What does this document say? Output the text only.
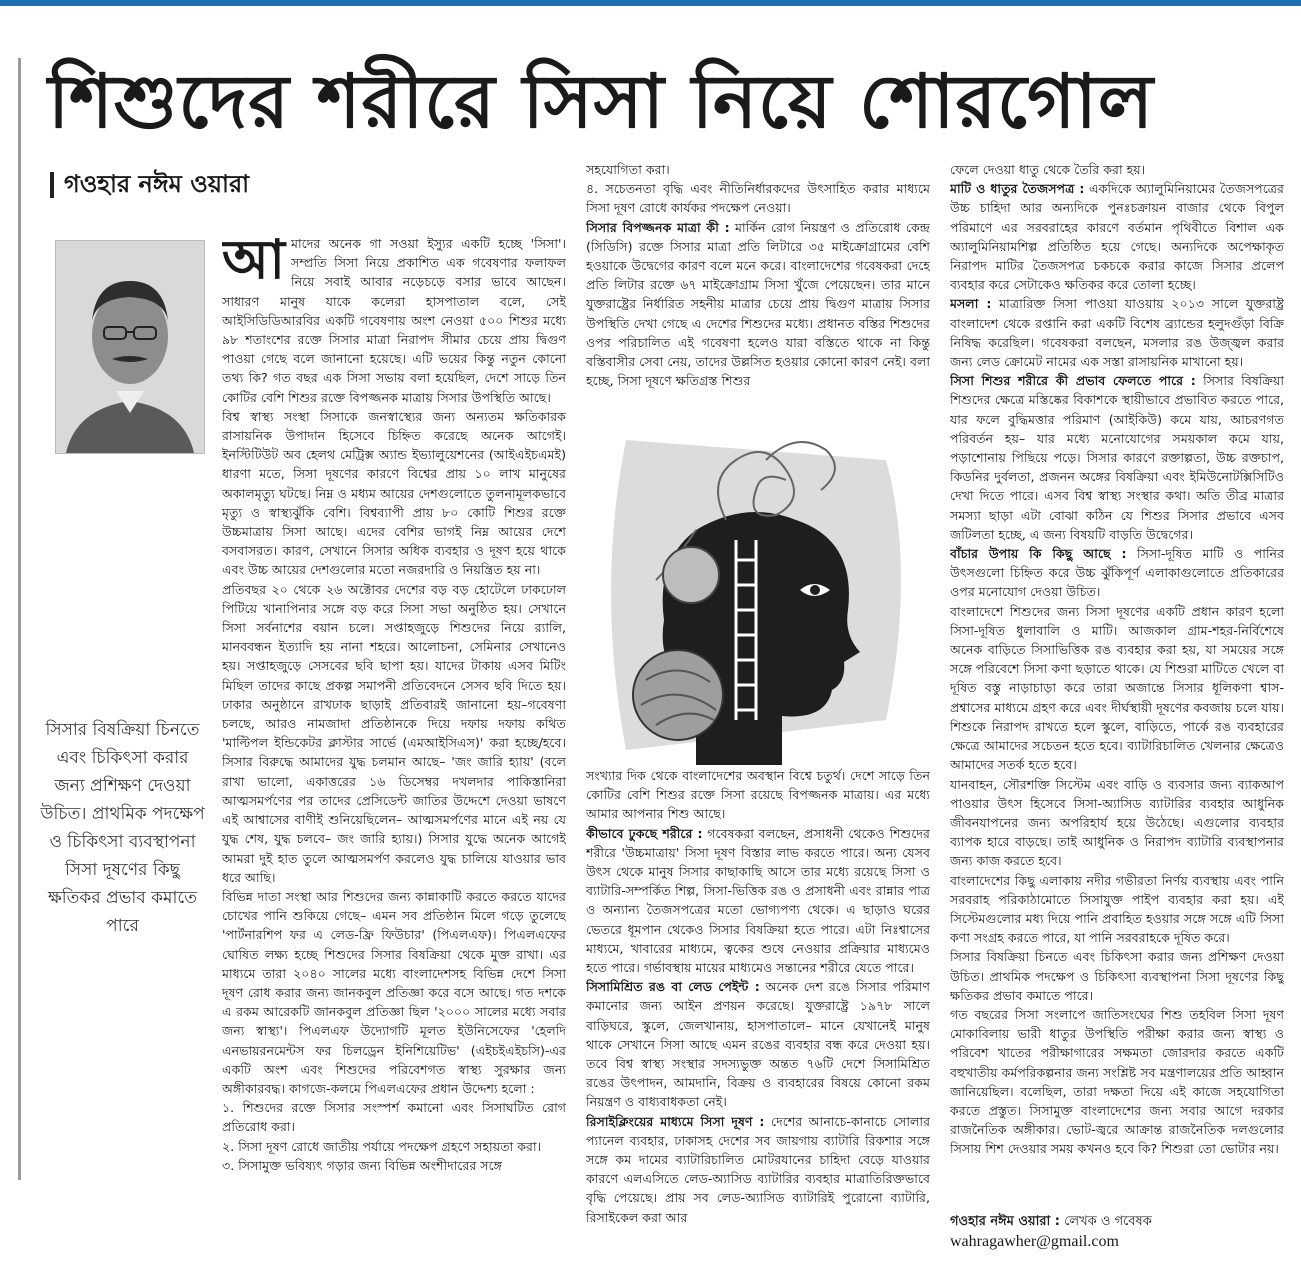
শিশুদের শরীরে সিসা নিয়ে শোরগোল
গওহার নঈম ওয়ারা
সিসার বিষক্রিয়া চিনতে এবং চিকিৎসা করার জন্য প্রশিক্ষণ দেওয়া উচিত। প্রাথমিক পদক্ষেপ ও চিকিৎসা ব্যবস্থাপনা সিসা দূষণের কিছু ক্ষতিকর প্রভাব কমাতে পারে

আমাদের অনেক গা সওয়া ইস্যুর একটি হচ্ছে 'সিসা'। সম্প্রতি সিসা নিয়ে প্রকাশিত এক গবেষণার ফলাফল নিয়ে সবাই আবার নড়েচড়ে বসার ভাবে আছেন। সাধারণ মানুষ যাকে কলেরা হাসপাতাল বলে, সেই আইসিডিডিআরবির একটি গবেষণায় অংশ নেওয়া ৫০০ শিশুর মধ্যে ৯৮ শতাংশের রক্তে সিসার মাত্রা নিরাপদ সীমার চেয়ে প্রায় দ্বিগুণ পাওয়া গেছে বলে জানানো হয়েছে। এটি ভয়ের কিন্তু নতুন কোনো তথ্য কি? গত বছর এক সিসা সভায় বলা হয়েছিল, দেশে সাড়ে তিন কোটির বেশি শিশুর রক্তে বিপজ্জনক মাত্রায় সিসার উপস্থিতি আছে।

বিশ্ব স্বাস্থ্য সংস্থা সিসাকে জনস্বাস্থ্যের জন্য অন্যতম ক্ষতিকারক রাসায়নিক উপাদান হিসেবে চিহ্নিত করেছে অনেক আগেই। ইনস্টিটিউট অব হেলথ মেট্রিক্স অ্যান্ড ইভ্যালুয়েশনের (আইএইচএমই) ধারণা মতে, সিসা দূষণের কারণে বিশ্বের প্রায় ১০ লাখ মানুষের অকালমৃত্যু ঘটছে। নিম্ন ও মধ্যম আয়ের দেশগুলোতে তুলনামূলকভাবে মৃত্যু ও স্বাস্থ্যঝুঁকি বেশি। বিশ্বব্যাপী প্রায় ৮০ কোটি শিশুর রক্তে উচ্চমাত্রায় সিসা আছে। এদের বেশির ভাগই নিম্ন আয়ের দেশে বসবাসরত। কারণ, সেখানে সিসার অধিক ব্যবহার ও দূষণ হয়ে থাকে এবং উচ্চ আয়ের দেশগুলোর মতো নজরদারি ও নিয়ন্ত্রিত হয় না।

প্রতিবছর ২০ থেকে ২৬ অক্টোবর দেশের বড় বড় হোটেলে ঢাকঢোল পিটিয়ে খানাপিনার সঙ্গে বড় করে সিসা সভা অনুষ্ঠিত হয়। সেখানে সিসা সর্বনাশের বয়ান চলে। সপ্তাহজুড়ে শিশুদের নিয়ে র‍্যালি, মানববন্ধন ইত্যাদি হয় নানা শহরে। আলোচনা, সেমিনার সেখানেও হয়। সপ্তাহজুড়ে সেসবের ছবি ছাপা হয়। যাদের টাকায় এসব মিটিং মিছিল তাদের কাছে প্রকল্প সমাপনী প্রতিবেদনে সেসব ছবি দিতে হয়। ঢাকার অনুষ্ঠানে রাখঢাক ছাড়াই প্রতিবারই জানানো হয়–গবেষণা চলছে, আরও নামজাদা প্রতিষ্ঠানকে দিয়ে দফায় দফায় কথিত 'মাল্টিপল ইন্ডিকেটর ক্লাস্টার সার্ভে (এমআইসিএস)' করা হচ্ছে/হবে। সিসার বিরুদ্ধে আমাদের যুদ্ধ চলমান আছে– 'জং জারি হ্যায়' (বলে রাখা ভালো, একাত্তরের ১৬ ডিসেম্বর দখলদার পাকিস্তানিরা আত্মসমর্পণের পর তাদের প্রেসিডেন্ট জাতির উদ্দেশে দেওয়া ভাষণে এই আশ্বাসের বাণীই শুনিয়েছিলেন– আত্মসমর্পণের মানে এই নয় যে যুদ্ধ শেষ, যুদ্ধ চলবে– জং জারি হ্যায়।) সিসার যুদ্ধে অনেক আগেই আমরা দুই হাত তুলে আত্মসমর্পণ করলেও যুদ্ধ চালিয়ে যাওয়ার ভাব ধরে আছি।

বিভিন্ন দাতা সংস্থা আর শিশুদের জন্য কান্নাকাটি করতে করতে যাদের চোখের পানি শুকিয়ে গেছে– এমন সব প্রতিষ্ঠান মিলে গড়ে তুলেছে 'পার্টনারশিপ ফর এ লেড-ফ্রি ফিউচার' (পিএলএফ)। পিএলএফের ঘোষিত লক্ষ্য হচ্ছে শিশুদের সিসার বিষক্রিয়া থেকে মুক্ত রাখা। এর মাধ্যমে তারা ২০৪০ সালের মধ্যে বাংলাদেশসহ বিভিন্ন দেশে সিসা দূষণ রোধ করার জন্য জানকবুল প্রতিজ্ঞা করে বসে আছে। গত দশকে এ রকম আরেকটি জানকবুল প্রতিজ্ঞা ছিল '২০০০ সালের মধ্যে সবার জন্য স্বাস্থ্য'। পিএলএফ উদ্যোগটি মূলত ইউনিসেফের 'হেলদি এনভায়রনমেন্টস ফর চিলড্রেন ইনিশিয়েটিভ' (এইচইএইচসি)-এর একটি অংশ এবং শিশুদের পরিবেশগত স্বাস্থ্য সুরক্ষার জন্য অঙ্গীকারবদ্ধ। কাগজে-কলমে পিএলএফের প্রধান উদ্দেশ্য হলো :

১. শিশুদের রক্তে সিসার সংস্পর্শ কমানো এবং সিসাঘটিত রোগ প্রতিরোধ করা।

২. সিসা দূষণ রোধে জাতীয় পর্যায়ে পদক্ষেপ গ্রহণে সহায়তা করা।

৩. সিসামুক্ত ভবিষ্যৎ গড়ার জন্য বিভিন্ন অংশীদারের সঙ্গে

সহযোগিতা করা।

৪. সচেতনতা বৃদ্ধি এবং নীতিনির্ধারকদের উৎসাহিত করার মাধ্যমে সিসা দূষণ রোধে কার্যকর পদক্ষেপ নেওয়া।

সিসার বিপজ্জনক মাত্রা কী : মার্কিন রোগ নিয়ন্ত্রণ ও প্রতিরোধ কেন্দ্র (সিডিসি) রক্তে সিসার মাত্রা প্রতি লিটারে ৩৫ মাইক্রোগ্রামের বেশি হওয়াকে উদ্বেগের কারণ বলে মনে করে। বাংলাদেশের গবেষকরা দেহে প্রতি লিটার রক্তে ৬৭ মাইক্রোগ্রাম সিসা খুঁজে পেয়েছেন। তার মানে যুক্তরাষ্ট্রের নির্ধারিত সহনীয় মাত্রার চেয়ে প্রায় দ্বিগুণ মাত্রায় সিসার উপস্থিতি দেখা গেছে এ দেশের শিশুদের মধ্যে। প্রধানত বস্তির শিশুদের ওপর পরিচালিত এই গবেষণা হলেও যারা বস্তিতে থাকে না কিন্তু বস্তিবাসীর সেবা নেয়, তাদের উল্লসিত হওয়ার কোনো কারণ নেই। বলা হচ্ছে, সিসা দূষণে ক্ষতিগ্রস্ত শিশুর

সংখ্যার দিক থেকে বাংলাদেশের অবস্থান বিশ্বে চতুর্থ। দেশে সাড়ে তিন কোটির বেশি শিশুর রক্তে সিসা রয়েছে বিপজ্জনক মাত্রায়। এর মধ্যে আমার আপনার শিশু আছে।

কীভাবে ঢুকছে শরীরে : গবেষকরা বলছেন, প্রসাধনী থেকেও শিশুদের শরীরে 'উচ্চমাত্রায়' সিসা দূষণ বিস্তার লাভ করতে পারে। অন্য যেসব উৎস থেকে মানুষ সিসার কাছাকাছি আসে তার মধ্যে রয়েছে সিসা ও ব্যাটারি-সম্পর্কিত শিল্প, সিসা-ভিত্তিক রঙ ও প্রসাধনী এবং রান্নার পাত্র ও অন্যান্য তৈজসপত্রের মতো ভোগ্যপণ্য থেকে। এ ছাড়াও ঘরের ভেতরে ধূমপান থেকেও সিসার বিষক্রিয়া হতে পারে। এটা নিঃশ্বাসের মাধ্যমে, খাবারের মাধ্যমে, ত্বকের শুষে নেওয়ার প্রক্রিয়ার মাধ্যমেও হতে পারে। গর্ভাবস্থায় মায়ের মাধ্যমেও সন্তানের শরীরে যেতে পারে।

সিসামিশ্রিত রঙ বা লেড পেইন্ট : অনেক দেশ রঙে সিসার পরিমাণ কমানোর জন্য আইন প্রণয়ন করেছে। যুক্তরাষ্ট্রে ১৯৭৮ সালে বাড়িঘরে, স্কুলে, জেলখানায়, হাসপাতালে– মানে যেখানেই মানুষ থাকে সেখানে সিসা আছে এমন রঙের ব্যবহার বন্ধ করে দেওয়া হয়। তবে বিশ্ব স্বাস্থ্য সংস্থার সদস্যভুক্ত অন্তত ৭৬টি দেশে সিসামিশ্রিত রঙের উৎপাদন, আমদানি, বিক্রয় ও ব্যবহারের বিষয়ে কোনো রকম নিয়ন্ত্রণ ও বাধ্যবাধকতা নেই।

রিসাইক্লিংয়ের মাধ্যমে সিসা দূষণ : দেশের আনাচে-কানাচে সোলার প্যানেল ব্যবহার, ঢাকাসহ দেশের সব জায়গায় ব্যাটারি রিকশার সঙ্গে সঙ্গে কম দামের ব্যাটারিচালিত মোটরযানের চাহিদা বেড়ে যাওয়ার কারণে এলএসিতে লেড-অ্যাসিড ব্যাটারির ব্যবহার মাত্রাতিরিক্তভাবে বৃদ্ধি পেয়েছে। প্রায় সব লেড-অ্যাসিড ব্যাটারিই পুরোনো ব্যাটারি, রিসাইকেল করা আর

ফেলে দেওয়া ধাতু থেকে তৈরি করা হয়।

মাটি ও ধাতুর তৈজসপত্র : একদিকে অ্যালুমিনিয়ামের তৈজসপত্রের উচ্চ চাহিদা আর অন্যদিকে পুনঃচক্রায়ন বাজার থেকে বিপুল পরিমাণে এর সরবরাহের কারণে বর্তমান পৃথিবীতে বিশাল এক অ্যালুমিনিয়ামশিল্প প্রতিষ্ঠিত হয়ে গেছে। অন্যদিকে অপেক্ষাকৃত নিরাপদ মাটির তৈজসপত্র চকচকে করার কাজে সিসার প্রলেপ ব্যবহার করে সেটাকেও ক্ষতিকর করে তোলা হচ্ছে।

মসলা : মাত্রারিক্ত সিসা পাওয়া যাওয়ায় ২০১৩ সালে যুক্তরাষ্ট্র বাংলাদেশ থেকে রপ্তানি করা একটি বিশেষ ব্র্যান্ডের হলুদগুঁড়া বিক্রি নিষিদ্ধ করেছিল। গবেষকরা বলছেন, মসলার রঙ উজ্জ্বল করার জন্য লেড ক্রোমেট নামের এক সস্তা রাসায়নিক মাখানো হয়।

সিসা শিশুর শরীরে কী প্রভাব ফেলতে পারে : সিসার বিষক্রিয়া শিশুদের ক্ষেত্রে মস্তিষ্কের বিকাশকে স্থায়ীভাবে প্রভাবিত করতে পারে, যার ফলে বুদ্ধিমত্তার পরিমাণ (আইকিউ) কমে যায়, আচরণগত পরিবর্তন হয়– যার মধ্যে মনোযোগের সময়কাল কমে যায়, পড়াশোনায় পিছিয়ে পড়ে। সিসার কারণে রক্তাল্পতা, উচ্চ রক্তচাপ, কিডনির দুর্বলতা, প্রজনন অঙ্গের বিষক্রিয়া এবং ইমিউনোটক্সিসিটিও দেখা দিতে পারে। এসব বিশ্ব স্বাস্থ্য সংস্থার কথা। অতি তীব্র মাত্রার সমস্যা ছাড়া এটা বোঝা কঠিন যে শিশুর সিসার প্রভাবে এসব জটিলতা হচ্ছে, এ জন্য বিষয়টি বাড়তি উদ্বেগের।

বাঁচার উপায় কি কিছু আছে : সিসা-দূষিত মাটি ও পানির উৎসগুলো চিহ্নিত করে উচ্চ ঝুঁকিপূর্ণ এলাকাগুলোতে প্রতিকারের ওপর মনোযোগ দেওয়া উচিত।

বাংলাদেশে শিশুদের জন্য সিসা দূষণের একটি প্রধান কারণ হলো সিসা-দূষিত ধুলাবালি ও মাটি। আজকাল গ্রাম-শহর-নির্বিশেষে অনেক বাড়িতে সিসাভিত্তিক রঙ ব্যবহার করা হয়, যা সময়ের সঙ্গে সঙ্গে পরিবেশে সিসা কণা ছড়াতে থাকে। যে শিশুরা মাটিতে খেলে বা দূষিত বস্তু নাড়াচাড়া করে তারা অজান্তে সিসার ধূলিকণা শ্বাস-প্রশ্বাসের মাধ্যমে গ্রহণ করে এবং দীর্ঘস্থায়ী দূষণের কবজায় চলে যায়। শিশুকে নিরাপদ রাখতে হলে স্কুলে, বাড়িতে, পার্কে রঙ ব্যবহারের ক্ষেত্রে আমাদের সচেতন হতে হবে। ব্যাটারিচালিত খেলনার ক্ষেত্রেও আমাদের সতর্ক হতে হবে।

যানবাহন, সৌরশক্তি সিস্টেম এবং বাড়ি ও ব্যবসার জন্য ব্যাকআপ পাওয়ার উৎস হিসেবে সিসা-অ্যাসিড ব্যাটারির ব্যবহার আধুনিক জীবনযাপনের জন্য অপরিহার্য হয়ে উঠেছে। এগুলোর ব্যবহার ব্যাপক হারে বাড়ছে। তাই আধুনিক ও নিরাপদ ব্যাটারি ব্যবস্থাপনার জন্য কাজ করতে হবে।

বাংলাদেশের কিছু এলাকায় নদীর গভীরতা নির্ণয় ব্যবস্থায় এবং পানি সরবরাহ পরিকাঠামোতে সিসাযুক্ত পাইপ ব্যবহার করা হয়। এই সিস্টেমগুলোর মধ্য দিয়ে পানি প্রবাহিত হওয়ার সঙ্গে সঙ্গে এটি সিসা কণা সংগ্রহ করতে পারে, যা পানি সরবরাহকে দূষিত করে।

সিসার বিষক্রিয়া চিনতে এবং চিকিৎসা করার জন্য প্রশিক্ষণ দেওয়া উচিত। প্রাথমিক পদক্ষেপ ও চিকিৎসা ব্যবস্থাপনা সিসা দূষণের কিছু ক্ষতিকর প্রভাব কমাতে পারে।

গত বছরের সিসা সংলাপে জাতিসংঘের শিশু তহবিল সিসা দূষণ মোকাবিলায় ভারী ধাতুর উপস্থিতি পরীক্ষা করার জন্য স্বাস্থ্য ও পরিবেশ খাতের পরীক্ষাগারের সক্ষমতা জোরদার করতে একটি বহুখাতীয় কর্মপরিকল্পনার জন্য সংশ্লিষ্ট সব মন্ত্রণালয়ের প্রতি আহ্বান জানিয়েছিল। বলেছিল, তারা দক্ষতা দিয়ে এই কাজে সহযোগিতা করতে প্রস্তুত। সিসামুক্ত বাংলাদেশের জন্য সবার আগে দরকার রাজনৈতিক অঙ্গীকার। ভোট-জ্বরে আক্রান্ত রাজনৈতিক দলগুলোর সিসায় শিশ দেওয়ার সময় কখনও হবে কি? শিশুরা তো ভোটার নয়।

গওহার নঈম ওয়ারা : লেখক ও গবেষক
wahragawher@gmail.com
